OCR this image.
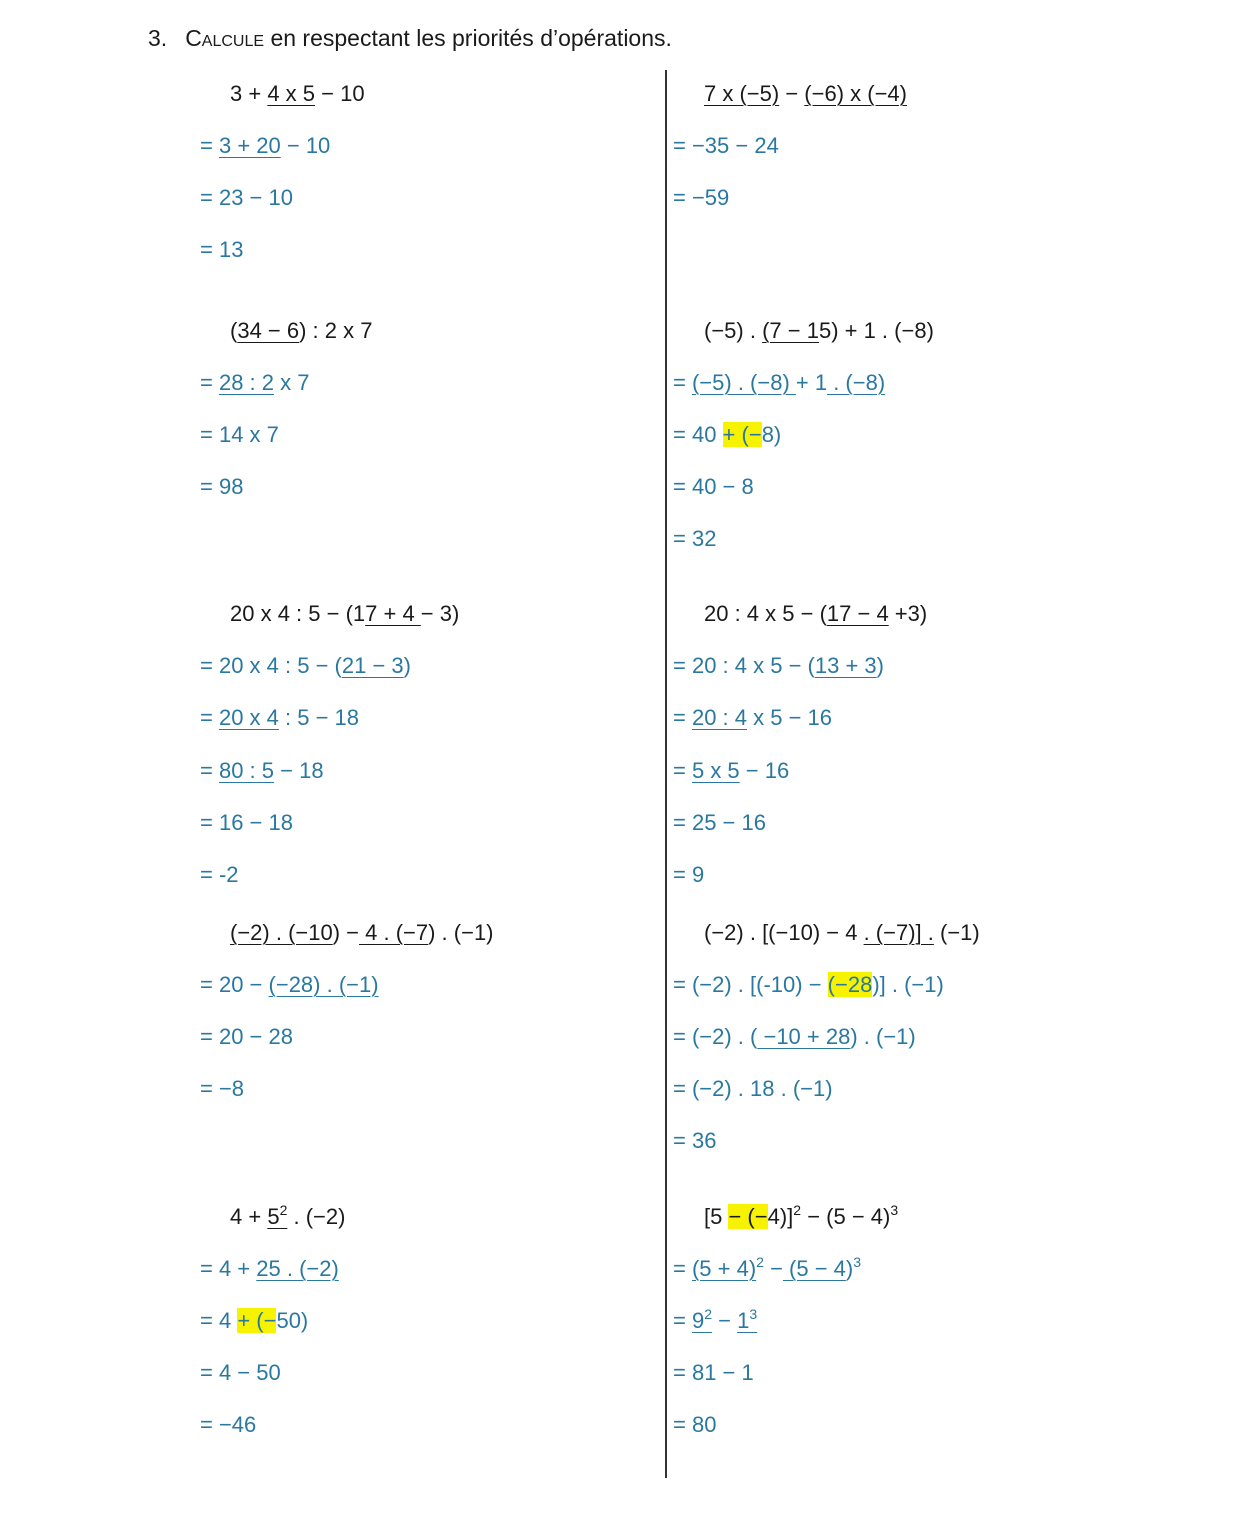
3. Calcule en respectant les priorités d’opérations.
3 + 4 x 5 − 10
= 3 + 20 − 10
= 23 − 10
= 13
(34 − 6) : 2 x 7
= 28 : 2 x 7
= 14 x 7
= 98
20 x 4 : 5 − (17 + 4 − 3)
= 20 x 4 : 5 − (21 − 3)
= 20 x 4 : 5 − 18
= 80 : 5 − 18
= 16 − 18
= -2
(−2) . (−10) − 4 . (−7) . (−1)
= 20 − (−28) . (−1)
= 20 − 28
= −8
$4 + 5^2$ . (−2)
= 4 + 25 . (−2)
= 4 + (−50)
= 4 − 50
= −46
7 x (−5) − (−6) x (−4)
= −35 − 24
= −59
(−5) . (7 − 15) + 1 . (−8)
= (−5) . (−8) + 1 . (−8)
= 40 + (−8)
= 40 − 8
= 32
20 : 4 x 5 − (17 − 4 +3)
= 20 : 4 x 5 − (13 + 3)
= 20 : 4 x 5 − 16
= 5 x 5 − 16
= 25 − 16
= 9
(−2) . [(−10) − 4 . (−7)] . (−1)
= (−2) . [(-10) − (−28)] . (−1)
= (−2) . ( −10 + 28) . (−1)
= (−2) . 18 . (−1)
= 36
$[5 - (-4)]^2 - (5 - 4)^3$
= $(5 + 4)^2 - (5 - 4)^3$
= $9^2 - 1^3$
= 81 − 1
= 80
